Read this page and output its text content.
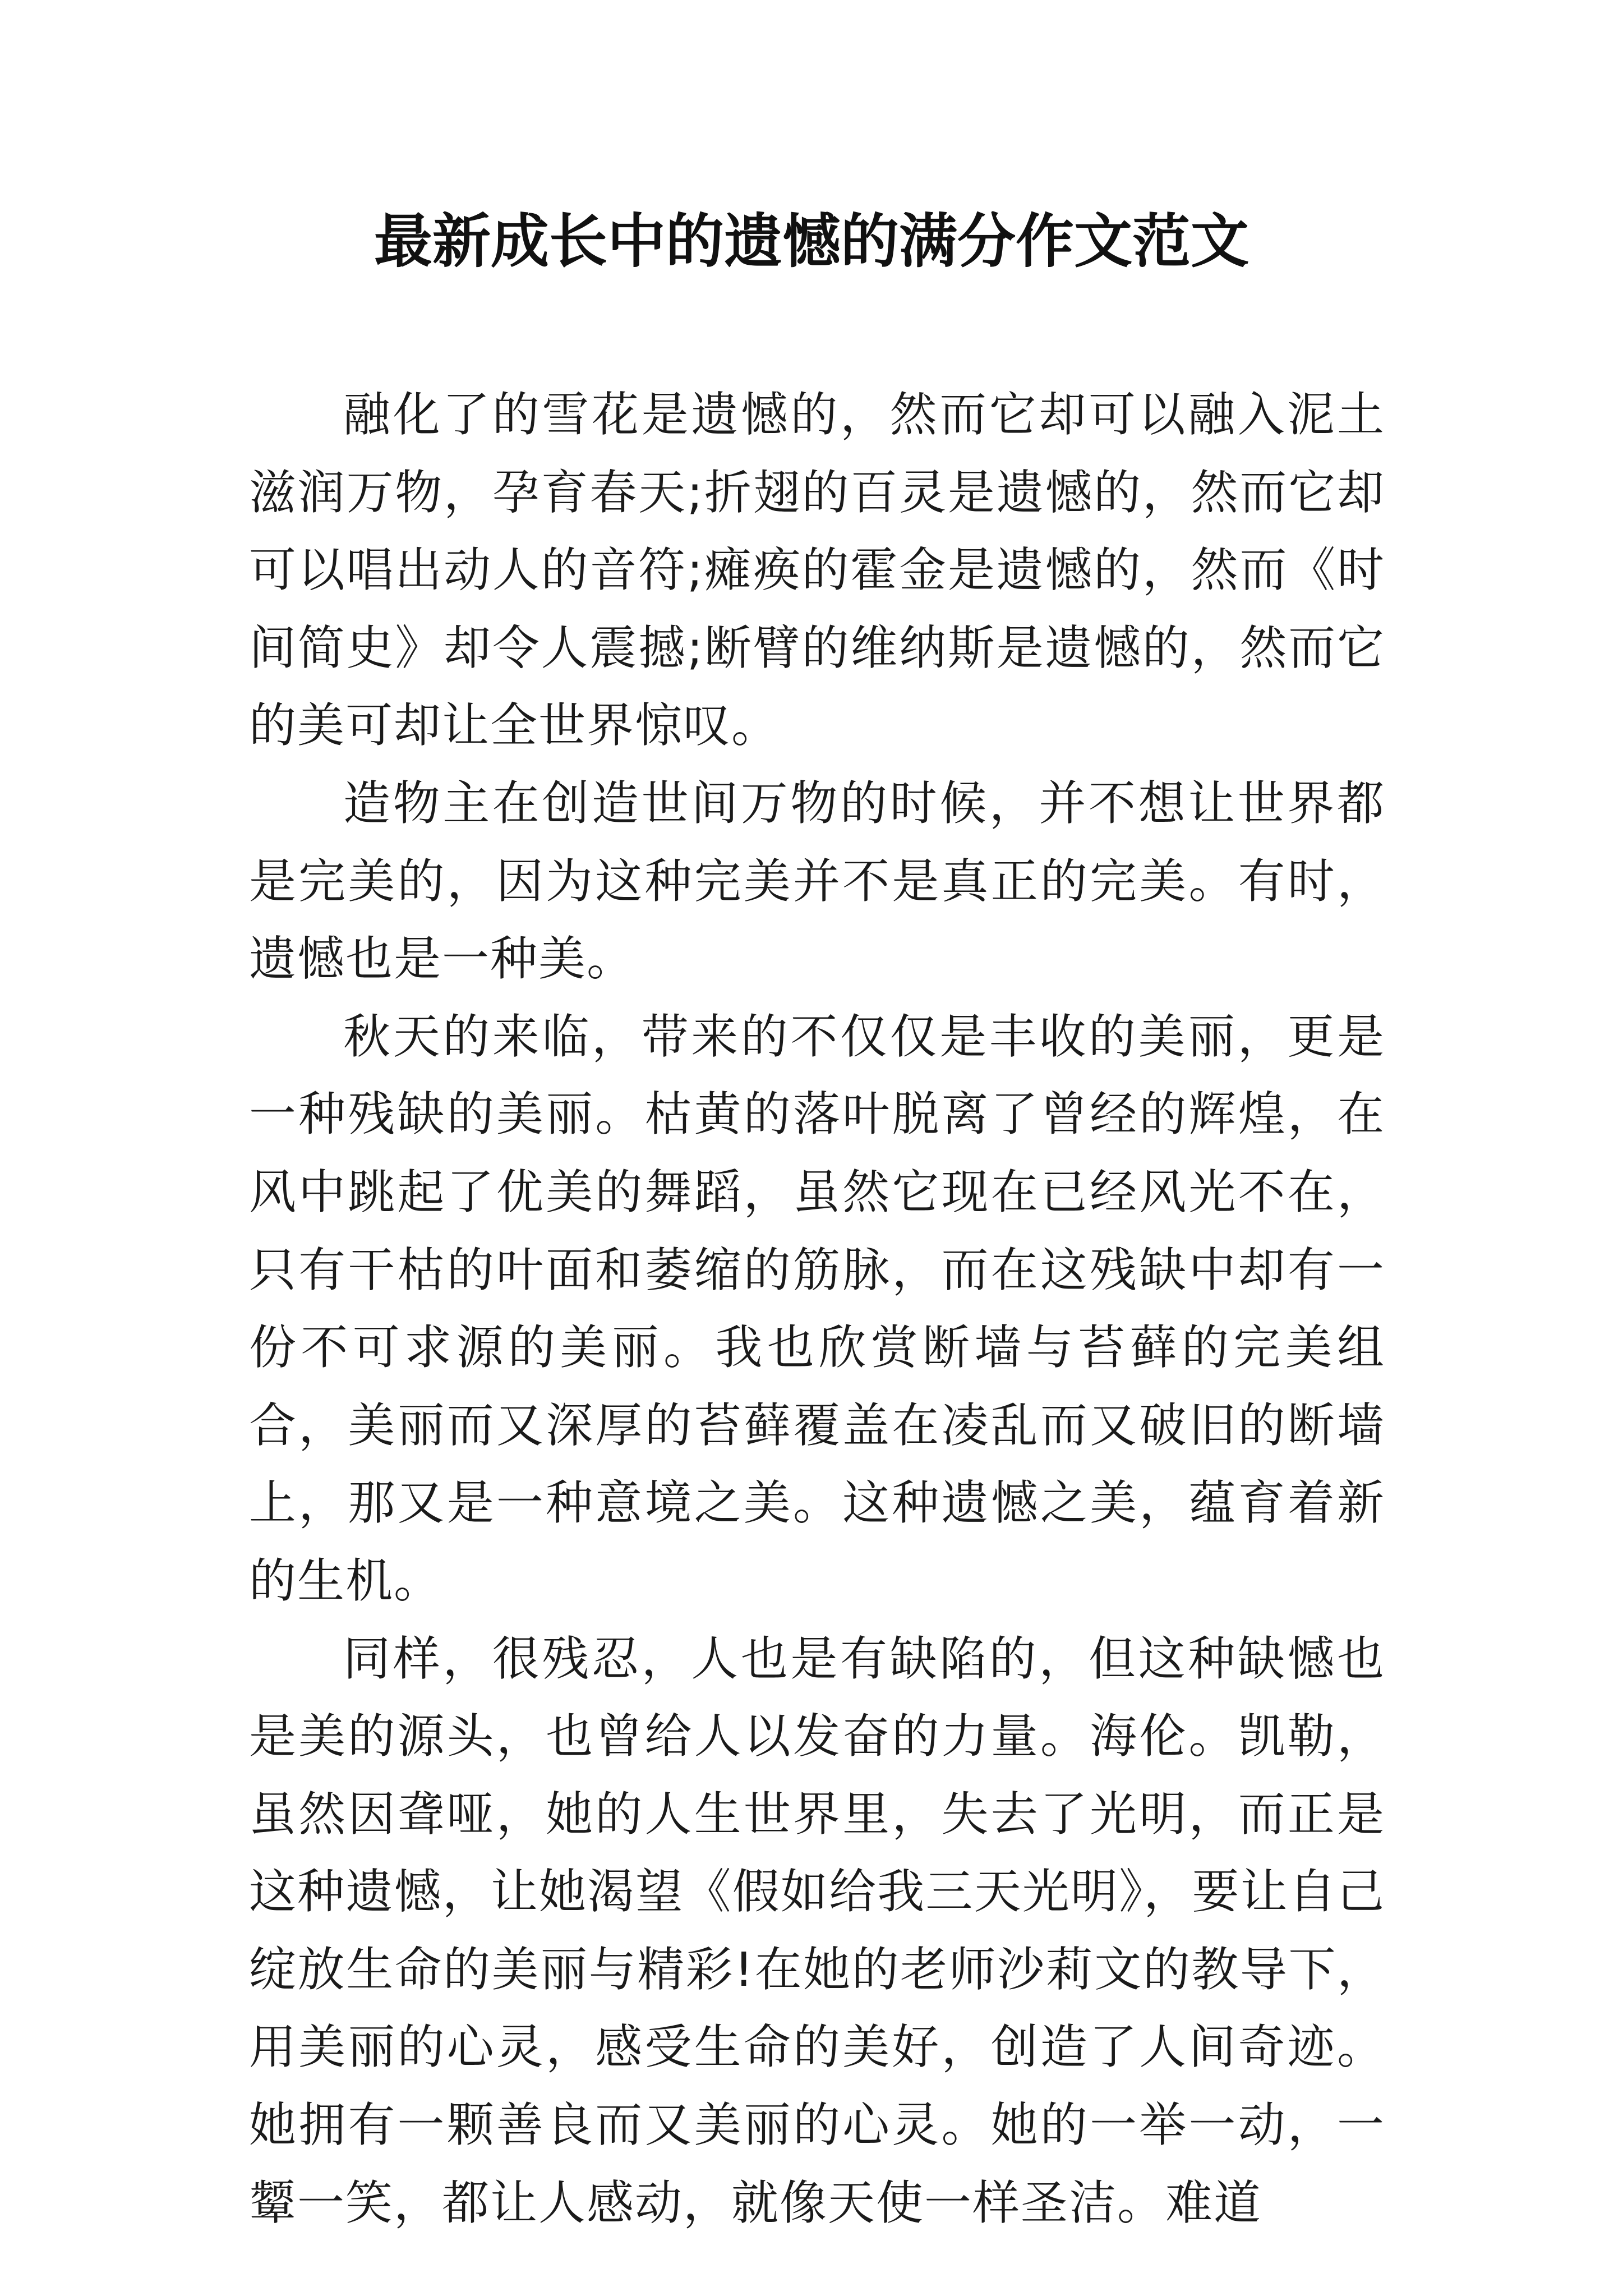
最新成长中的遗憾的满分作文范文

融化了的雪花是遗憾的，然而它却可以融入泥土滋润万物，孕育春天;折翅的百灵是遗憾的，然而它却可以唱出动人的音符;瘫痪的霍金是遗憾的，然而《时间简史》却令人震撼;断臂的维纳斯是遗憾的，然而它的美可却让全世界惊叹。

造物主在创造世间万物的时候，并不想让世界都是完美的，因为这种完美并不是真正的完美。有时，遗憾也是一种美。

秋天的来临，带来的不仅仅是丰收的美丽，更是一种残缺的美丽。枯黄的落叶脱离了曾经的辉煌，在风中跳起了优美的舞蹈，虽然它现在已经风光不在，只有干枯的叶面和萎缩的筋脉，而在这残缺中却有一份不可求源的美丽。我也欣赏断墙与苔藓的完美组合，美丽而又深厚的苔藓覆盖在凌乱而又破旧的断墙上，那又是一种意境之美。这种遗憾之美，蕴育着新的生机。

同样，很残忍，人也是有缺陷的，但这种缺憾也是美的源头，也曾给人以发奋的力量。海伦。凯勒，虽然因聋哑，她的人生世界里，失去了光明，而正是这种遗憾，让她渴望《假如给我三天光明》，要让自己绽放生命的美丽与精彩!在她的老师沙莉文的教导下，用美丽的心灵，感受生命的美好，创造了人间奇迹。她拥有一颗善良而又美丽的心灵。她的一举一动，一颦一笑，都让人感动，就像天使一样圣洁。难道
